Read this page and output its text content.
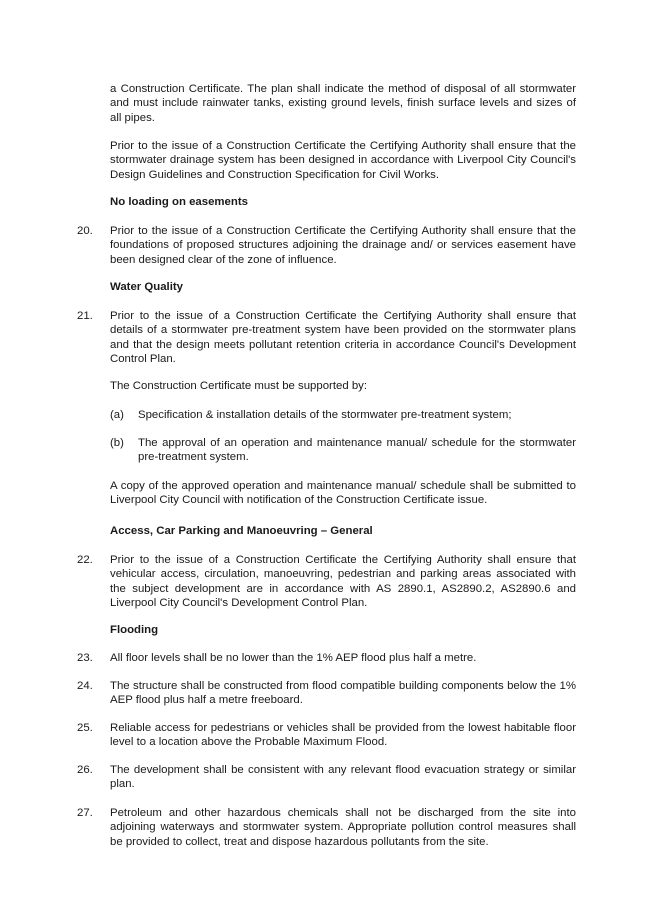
a Construction Certificate. The plan shall indicate the method of disposal of all stormwater and must include rainwater tanks, existing ground levels, finish surface levels and sizes of all pipes.

Prior to the issue of a Construction Certificate the Certifying Authority shall ensure that the stormwater drainage system has been designed in accordance with Liverpool City Council's Design Guidelines and Construction Specification for Civil Works.

No loading on easements

20. Prior to the issue of a Construction Certificate the Certifying Authority shall ensure that the foundations of proposed structures adjoining the drainage and/ or services easement have been designed clear of the zone of influence.

Water Quality

21. Prior to the issue of a Construction Certificate the Certifying Authority shall ensure that details of a stormwater pre-treatment system have been provided on the stormwater plans and that the design meets pollutant retention criteria in accordance Council's Development Control Plan.

The Construction Certificate must be supported by:

(a) Specification & installation details of the stormwater pre-treatment system;

(b) The approval of an operation and maintenance manual/ schedule for the stormwater pre-treatment system.

A copy of the approved operation and maintenance manual/ schedule shall be submitted to Liverpool City Council with notification of the Construction Certificate issue.

Access, Car Parking and Manoeuvring – General

22. Prior to the issue of a Construction Certificate the Certifying Authority shall ensure that vehicular access, circulation, manoeuvring, pedestrian and parking areas associated with the subject development are in accordance with AS 2890.1, AS2890.2, AS2890.6 and Liverpool City Council's Development Control Plan.

Flooding

23. All floor levels shall be no lower than the 1% AEP flood plus half a metre.

24. The structure shall be constructed from flood compatible building components below the 1% AEP flood plus half a metre freeboard.

25. Reliable access for pedestrians or vehicles shall be provided from the lowest habitable floor level to a location above the Probable Maximum Flood.

26. The development shall be consistent with any relevant flood evacuation strategy or similar plan.

27. Petroleum and other hazardous chemicals shall not be discharged from the site into adjoining waterways and stormwater system. Appropriate pollution control measures shall be provided to collect, treat and dispose hazardous pollutants from the site.
